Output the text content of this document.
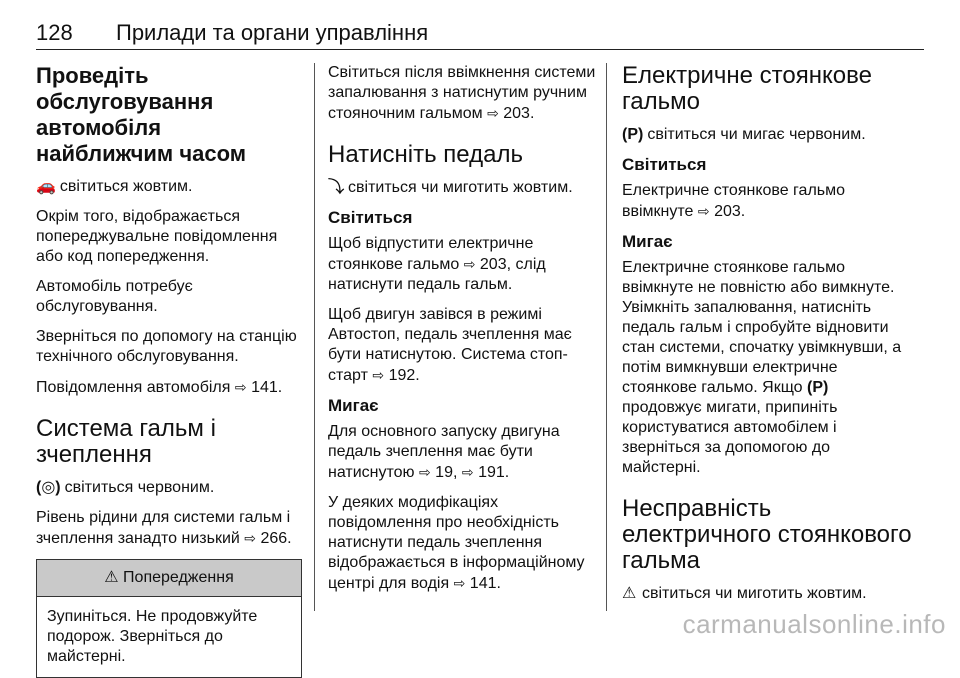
128 Прилади та органи управління
Проведіть обслуговування автомобіля найближчим часом

🚗 світиться жовтим.

Окрім того, відображається попереджувальне повідомлення або код попередження.

Автомобіль потребує обслуговування.

Зверніться по допомогу на станцію технічного обслуговування.

Повідомлення автомобіля ⇨ 141.

Система гальм і зчеплення

(◎) світиться червоним.

Рівень рідини для системи гальм і зчеплення занадто низький ⇨ 266.

⚠ Попередження
Зупиніться. Не продовжуйте подорож. Зверніться до майстерні.

Світиться після ввімкнення системи запалювання з натиснутим ручним стояночним гальмом ⇨ 203.

Натисніть педаль

⤵ світиться чи миготить жовтим.

Світиться

Щоб відпустити електричне стоянкове гальмо ⇨ 203, слід натиснути педаль гальм.

Щоб двигун завівся в режимі Автостоп, педаль зчеплення має бути натиснутою. Система стоп-старт ⇨ 192.

Мигає

Для основного запуску двигуна педаль зчеплення має бути натиснутою ⇨ 19, ⇨ 191.

У деяких модифікаціях повідомлення про необхідність натиснути педаль зчеплення відображається в інформаційному центрі для водія ⇨ 141.

Електричне стоянкове гальмо

(P) світиться чи мигає червоним.

Світиться

Електричне стоянкове гальмо ввімкнуте ⇨ 203.

Мигає

Електричне стоянкове гальмо ввімкнуте не повністю або вимкнуте. Увімкніть запалювання, натисніть педаль гальм і спробуйте відновити стан системи, спочатку увімкнувши, а потім вимкнувши електричне стоянкове гальмо. Якщо (P) продовжує мигати, припиніть користуватися автомобілем і зверніться за допомогою до майстерні.

Несправність електричного стоянкового гальма

⚠ світиться чи миготить жовтим.

carmanualsonline.info
